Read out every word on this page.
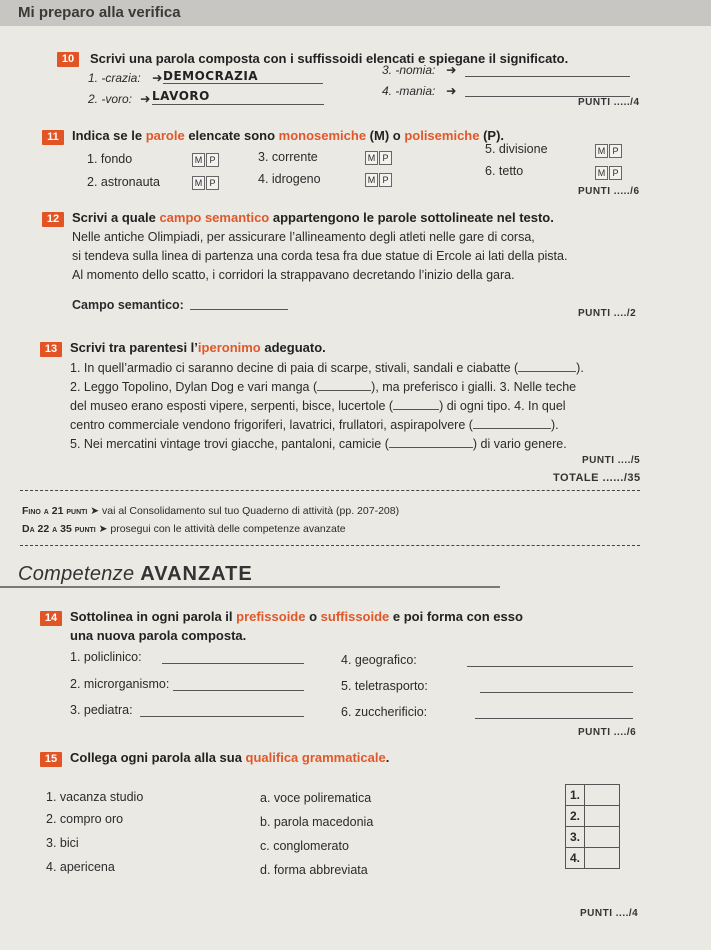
Mi preparo alla verifica
10	Scrivi una parola composta con i suffissoidi elencati e spiegane il significato.
1. -crazia: ➜ DEMOCRAZIA
2. -voro: ➜ LAVORO
3. -nomia: ➜
4. -mania: ➜
PUNTI ...../4
11	Indica se le parole elencate sono monosemiche (M) o polisemiche (P).
1. fondo	M P
2. astronauta	M P
3. corrente	M P
4. idrogeno	M P
5. divisione	M P
6. tetto	M P
PUNTI ...../6
12 Scrivi a quale campo semantico appartengono le parole sottolineate nel testo.
Nelle antiche Olimpiadi, per assicurare l’allineamento degli atleti nelle gare di corsa,
si tendeva sulla linea di partenza una corda tesa fra due statue di Ercole ai lati della pista.
Al momento dello scatto, i corridori la strappavano decretando l’inizio della gara.
Campo semantico:
PUNTI ..../2
13 Scrivi tra parentesi l’iperonimo adeguato.
1. In quell’armadio ci saranno decine di paia di scarpe, stivali, sandali e ciabatte (	).
2. Leggo Topolino, Dylan Dog e vari manga (	), ma preferisco i gialli. 3. Nelle teche
del museo erano esposti vipere, serpenti, bisce, lucertole (	) di ogni tipo. 4. In quel
centro commerciale vendono frigoriferi, lavatrici, frullatori, aspirapolvere (	).
5. Nei mercatini vintage trovi giacche, pantaloni, camicie (	) di vario genere.
PUNTI ..../5
TOTALE ....../35
Fino a 21 punti ➤ vai al Consolidamento sul tuo Quaderno di attività (pp. 207-208)
Da 22 a 35 punti ➤ prosegui con le attività delle competenze avanzate
Competenze AVANZATE
14 Sottolinea in ogni parola il prefissoide o suffissoide e poi forma con esso
una nuova parola composta.
1. policlinico:
2. microrganismo:
3. pediatra:
4. geografico:
5. teletrasporto:
6. zuccherificio:
PUNTI ..../6
15 Collega ogni parola alla sua qualifica grammaticale.
1. vacanza studio
2. compro oro
3. bici
4. apericena
a. voce polirematica
b. parola macedonia
c. conglomerato
d. forma abbreviata
1.	
2.	
3.	
4.	
PUNTI ..../4
